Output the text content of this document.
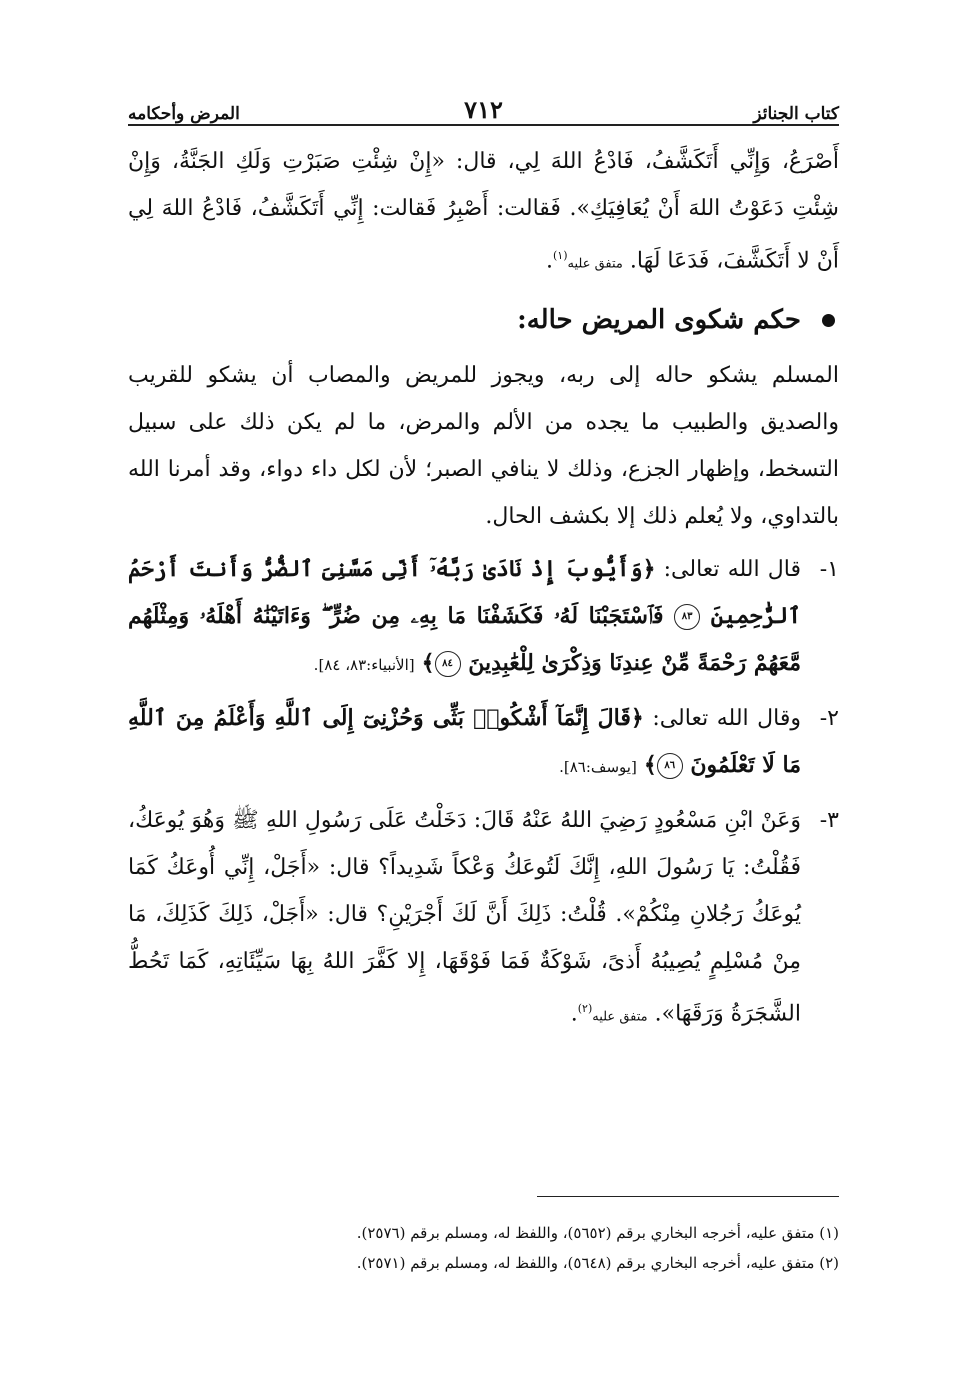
كتاب الجنائز
٧١٢
المرض وأحكامه

أَصْرَعُ، وَإِنِّي أَتَكَشَّفُ، فَادْعُ اللهَ لِي، قال: «إِنْ شِئْتِ صَبَرْتِ وَلَكِ الجَنَّةُ، وَإِنْ شِئْتِ دَعَوْتُ اللهَ أَنْ يُعَافِيَكِ». فَقالت: أَصْبِرُ فَقالت: إِنِّي أَتَكَشَّفُ، فَادْعُ اللهَ لِي أَنْ لا أَتَكَشَّفَ، فَدَعَا لَهَا. متفق عليه$^{(١)}$.

حكم شكوى المريض حاله:

المسلم يشكو حاله إلى ربه، ويجوز للمريض والمصاب أن يشكو للقريب والصديق والطبيب ما يجده من الألم والمرض، ما لم يكن ذلك على سبيل التسخط، وإظهار الجزع، وذلك لا ينافي الصبر؛ لأن لكل داء دواء، وقد أمرنا الله بالتداوي، ولا يُعلم ذلك إلا بكشف الحال.

١-
قال الله تعالى: ﴿وَأَيُّوبَ إِذْ نَادَىٰ رَبَّهُۥٓ أَنِّى مَسَّنِىَ ٱلضُّرُّ وَأَنتَ أَرْحَمُ ٱلرَّٰحِمِينَ ٨٣ فَٱسْتَجَبْنَا لَهُۥ فَكَشَفْنَا مَا بِهِۦ مِن ضُرٍّ ۖ وَءَاتَيْنَٰهُ أَهْلَهُۥ وَمِثْلَهُم مَّعَهُمْ رَحْمَةً مِّنْ عِندِنَا وَذِكْرَىٰ لِلْعَٰبِدِينَ ٨٤﴾ [الأنبياء:٨٣، ٨٤].
٢-
وقال الله تعالى: ﴿قَالَ إِنَّمَآ أَشْكُوا۟ بَثِّى وَحُزْنِىٓ إِلَى ٱللَّهِ وَأَعْلَمُ مِنَ ٱللَّهِ مَا لَا تَعْلَمُونَ ٨٦﴾ [يوسف:٨٦].
٣-
وَعَنْ ابْنِ مَسْعُودٍ رَضِيَ اللهُ عَنْهُ قَالَ: دَخَلْتُ عَلَى رَسُولِ اللهِ ﷺ وَهُوَ يُوعَكُ، فَقُلْتُ: يَا رَسُولَ اللهِ، إِنَّكَ لَتُوعَكُ وَعْكاً شَدِيداً؟ قال: «أَجَلْ، إِنِّي أُوعَكُ كَمَا يُوعَكُ رَجُلانِ مِنْكُمْ». قُلْتُ: ذَلِكَ أَنَّ لَكَ أَجْرَيْنِ؟ قال: «أَجَلْ، ذَلِكَ كَذَلِكَ، مَا مِنْ مُسْلِمٍ يُصِيبُهُ أَذىً، شَوْكَةٌ فَمَا فَوْقَهَا، إِلا كَفَّرَ اللهُ بِهَا سَيِّئَاتِهِ، كَمَا تَحُطُّ الشَّجَرَةُ وَرَقَهَا». متفق عليه$^{(٢)}$.

(١) متفق عليه، أخرجه البخاري برقم (٥٦٥٢)، واللفظ له، ومسلم برقم (٢٥٧٦).

(٢) متفق عليه، أخرجه البخاري برقم (٥٦٤٨)، واللفظ له، ومسلم برقم (٢٥٧١).
